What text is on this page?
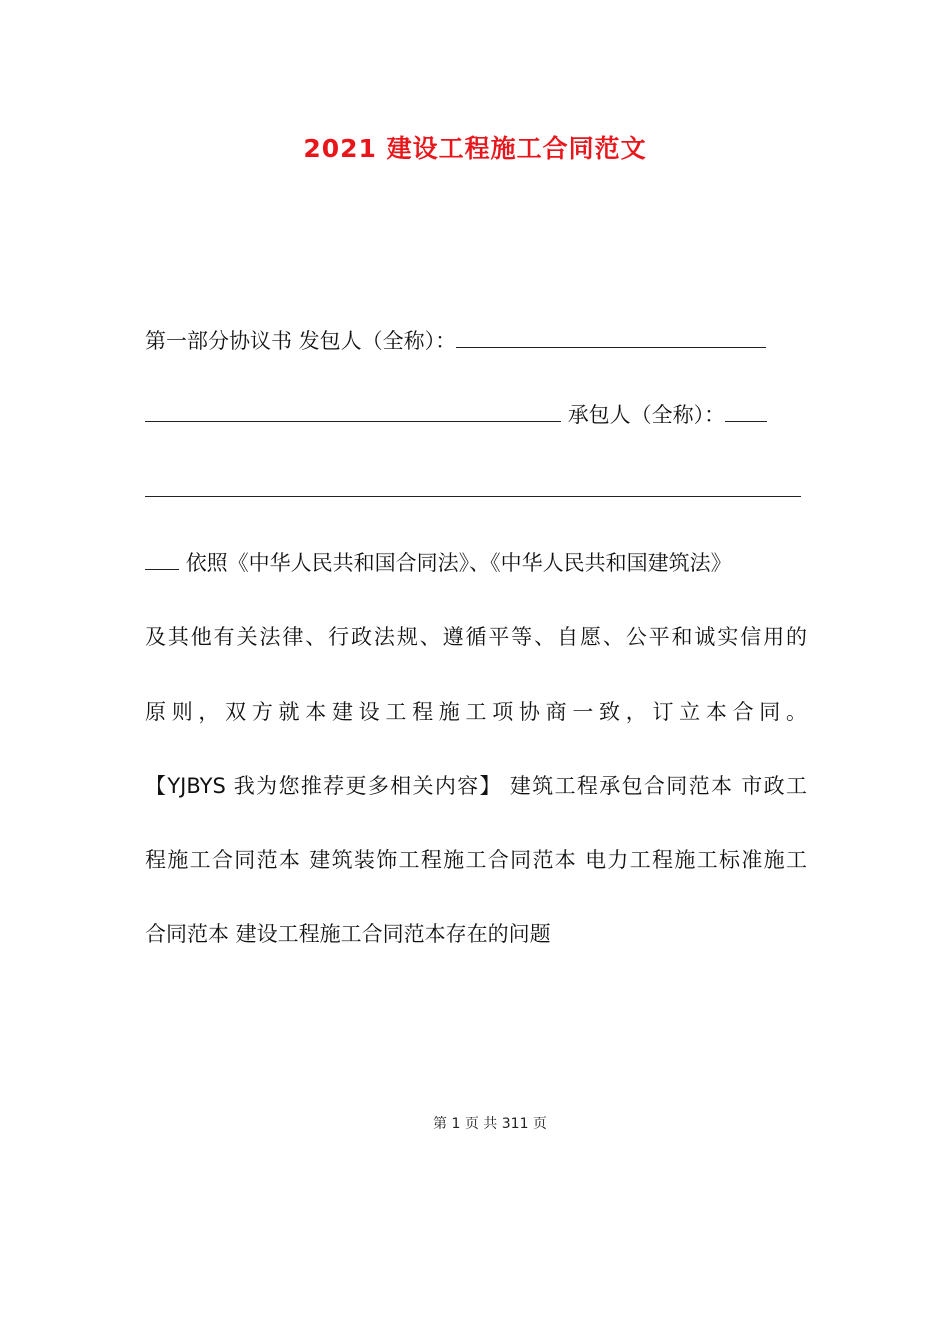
2021 建设工程施工合同范文
第一部分协议书 发包人（全称）：
承包人（全称）：
依照《中华人民共和国合同法》、《中华人民共和国建筑法》
及其他有关法律、行政法规、遵循平等、自愿、公平和诚实信用的
原则，双方就本建设工程施工项协商一致，订立本合同。
【YJBYS 我为您推荐更多相关内容】 建筑工程承包合同范本 市政工
程施工合同范本 建筑装饰工程施工合同范本 电力工程施工标准施工
合同范本 建设工程施工合同范本存在的问题
第 1 页 共 311 页
